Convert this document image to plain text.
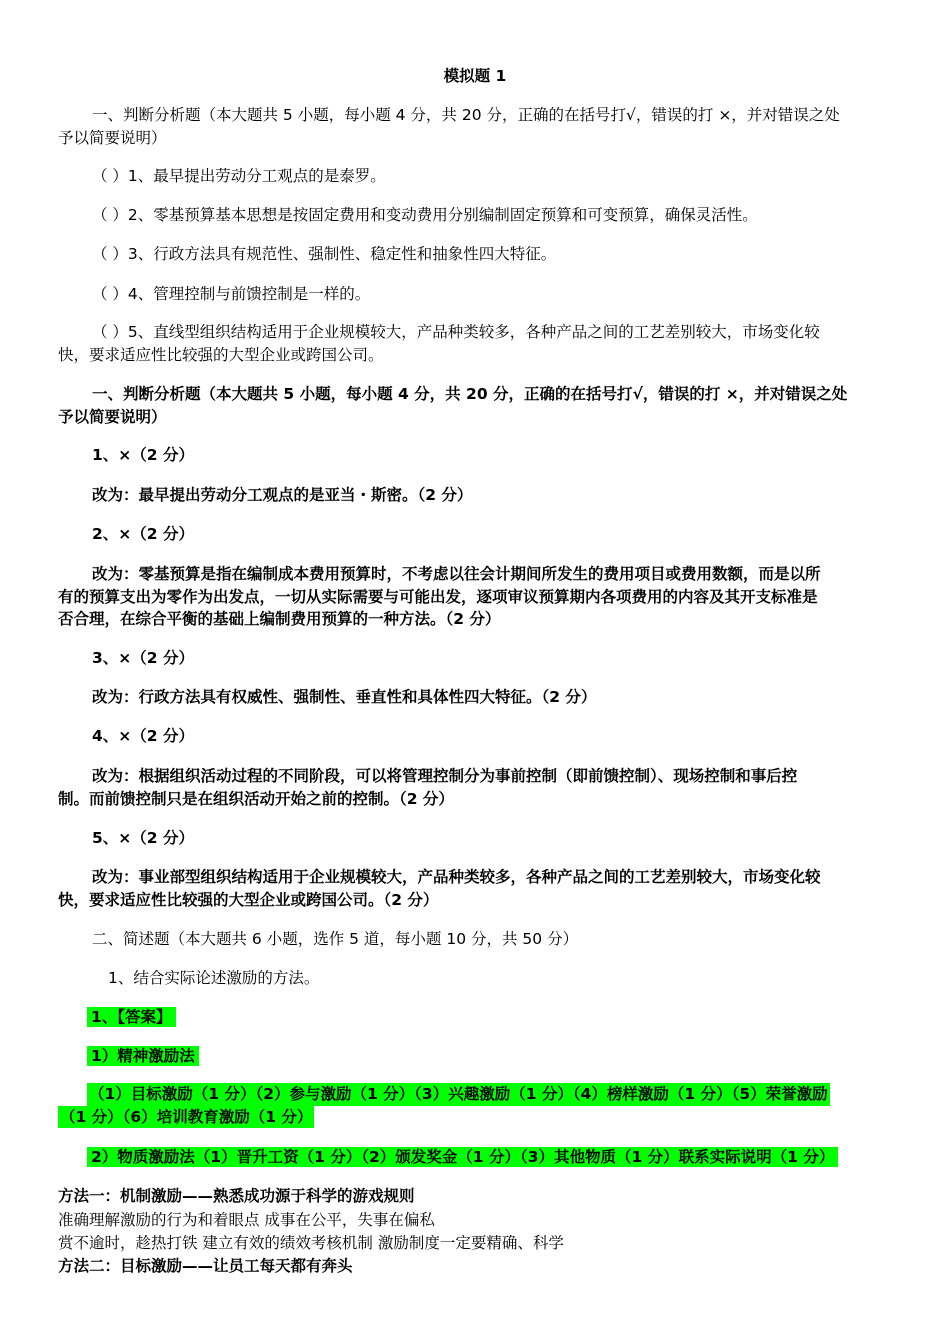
模拟题 1
一、判断分析题（本大题共 5 小题，每小题 4 分，共 20 分，正确的在括号打√，错误的打 ×，并对错误之处
予以简要说明）
（ ）1、最早提出劳动分工观点的是泰罗。
（ ）2、零基预算基本思想是按固定费用和变动费用分别编制固定预算和可变预算，确保灵活性。
（ ）3、行政方法具有规范性、强制性、稳定性和抽象性四大特征。
（ ）4、管理控制与前馈控制是一样的。
（ ）5、直线型组织结构适用于企业规模较大，产品种类较多，各种产品之间的工艺差别较大，市场变化较
快，要求适应性比较强的大型企业或跨国公司。
一、判断分析题（本大题共 5 小题，每小题 4 分，共 20 分，正确的在括号打√，错误的打 ×，并对错误之处
予以简要说明）
1、×（2 分）
改为：最早提出劳动分工观点的是亚当・斯密。（2 分）
2、×（2 分）
改为：零基预算是指在编制成本费用预算时，不考虑以往会计期间所发生的费用项目或费用数额，而是以所
有的预算支出为零作为出发点，一切从实际需要与可能出发，逐项审议预算期内各项费用的内容及其开支标准是
否合理，在综合平衡的基础上编制费用预算的一种方法。（2 分）
3、×（2 分）
改为：行政方法具有权威性、强制性、垂直性和具体性四大特征。（2 分）
4、×（2 分）
改为：根据组织活动过程的不同阶段，可以将管理控制分为事前控制（即前馈控制）、现场控制和事后控
制。而前馈控制只是在组织活动开始之前的控制。（2 分）
5、×（2 分）
改为：事业部型组织结构适用于企业规模较大，产品种类较多，各种产品之间的工艺差别较大，市场变化较
快，要求适应性比较强的大型企业或跨国公司。（2 分）
二、简述题（本大题共 6 小题，选作 5 道，每小题 10 分，共 50 分）
1、结合实际论述激励的方法。
1、【答案】
1）精神激励法
（1）目标激励（1 分）（2）参与激励（1 分）（3）兴趣激励（1 分）（4）榜样激励（1 分）（5）荣誉激励 （1 分）（6）培训教育激励（1 分）
2）物质激励法（1）晋升工资（1 分）（2）颁发奖金（1 分）（3）其他物质（1 分）联系实际说明（1 分）
方法一：机制激励——熟悉成功源于科学的游戏规则
准确理解激励的行为和着眼点 成事在公平，失事在偏私
赏不逾时，趁热打铁 建立有效的绩效考核机制 激励制度一定要精确、科学
方法二：目标激励——让员工每天都有奔头
